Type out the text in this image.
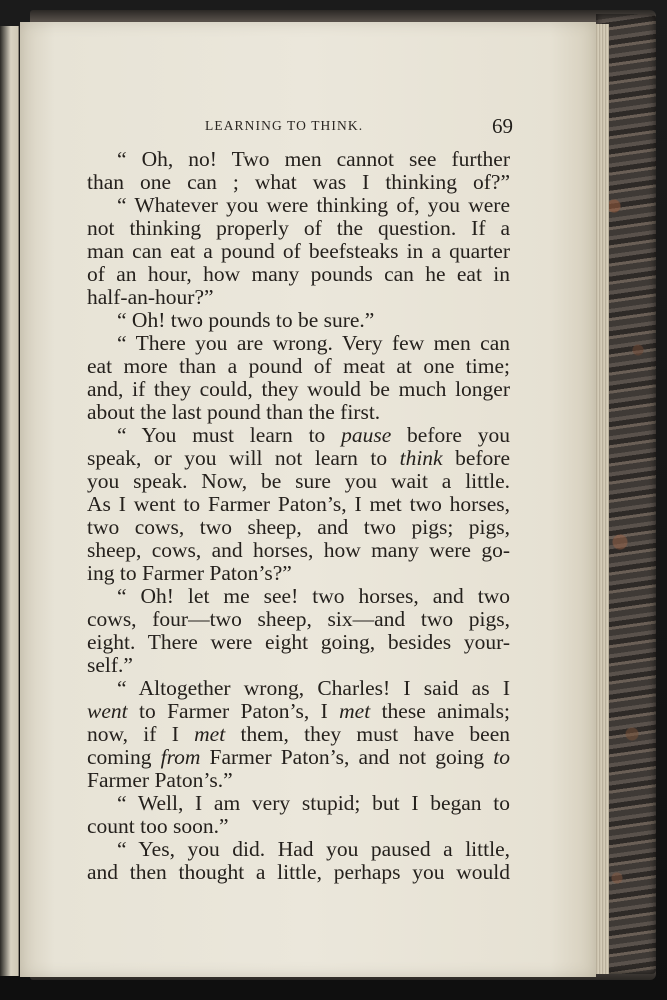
LEARNING TO THINK.	69
“ Oh, no! Two men cannot see further
than one can ; what was I thinking of?”
“ Whatever you were thinking of, you were
not thinking properly of the question. If a
man can eat a pound of beefsteaks in a quarter
of an hour, how many pounds can he eat in
half-an-hour?”
“ Oh! two pounds to be sure.”
“ There you are wrong. Very few men can
eat more than a pound of meat at one time;
and, if they could, they would be much longer
about the last pound than the first.
“ You must learn to pause before you
speak, or you will not learn to think before
you speak. Now, be sure you wait a little.
As I went to Farmer Paton’s, I met two horses,
two cows, two sheep, and two pigs; pigs,
sheep, cows, and horses, how many were go-
ing to Farmer Paton’s?”
“ Oh! let me see! two horses, and two
cows, four—two sheep, six—and two pigs,
eight. There were eight going, besides your-
self.”
“ Altogether wrong, Charles! I said as I
went to Farmer Paton’s, I met these animals;
now, if I met them, they must have been
coming from Farmer Paton’s, and not going to
Farmer Paton’s.”
“ Well, I am very stupid; but I began to
count too soon.”
“ Yes, you did. Had you paused a little,
and then thought a little, perhaps you would
